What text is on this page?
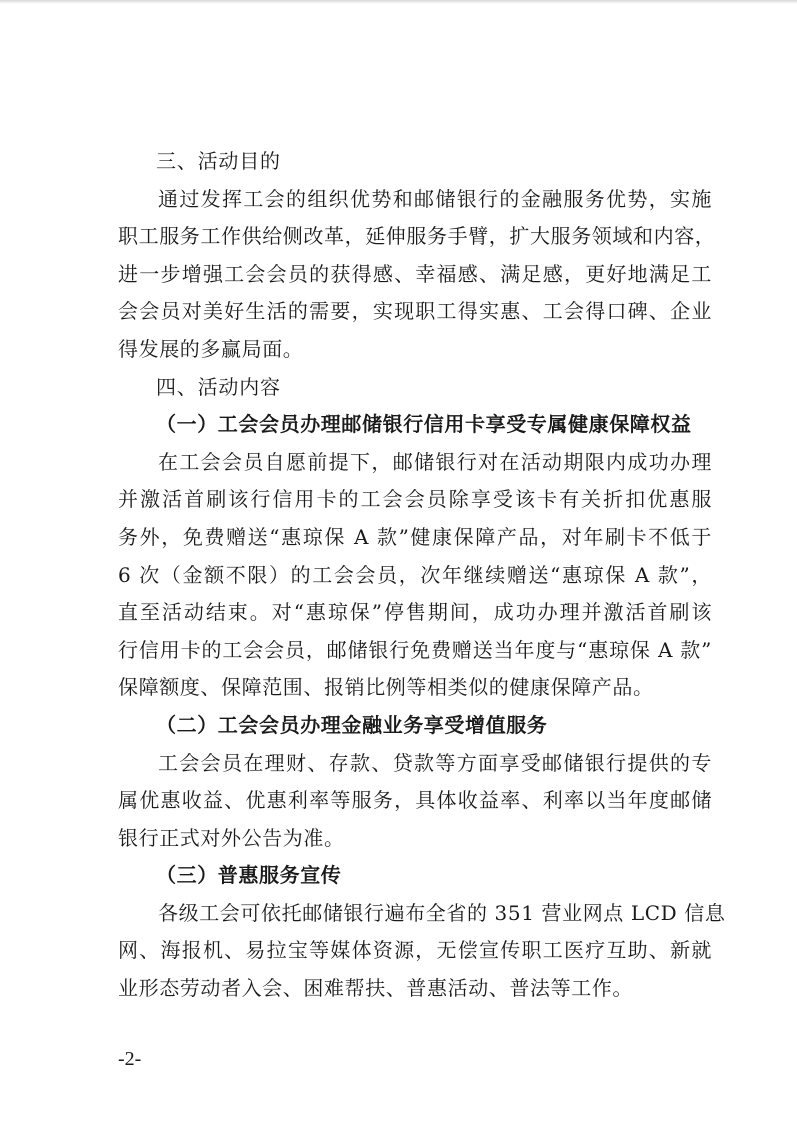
三、活动目的

通过发挥工会的组织优势和邮储银行的金融服务优势，实施

职工服务工作供给侧改革，延伸服务手臂，扩大服务领域和内容，

进一步增强工会会员的获得感、幸福感、满足感，更好地满足工

会会员对美好生活的需要，实现职工得实惠、工会得口碑、企业

得发展的多赢局面。

四、活动内容

（一）工会会员办理邮储银行信用卡享受专属健康保障权益

在工会会员自愿前提下，邮储银行对在活动期限内成功办理

并激活首刷该行信用卡的工会会员除享受该卡有关折扣优惠服

务外，免费赠送“惠琼保 A 款”健康保障产品，对年刷卡不低于

6 次（金额不限）的工会会员，次年继续赠送“惠琼保 A 款”，

直至活动结束。对“惠琼保”停售期间，成功办理并激活首刷该

行信用卡的工会会员，邮储银行免费赠送当年度与“惠琼保 A 款”

保障额度、保障范围、报销比例等相类似的健康保障产品。

（二）工会会员办理金融业务享受增值服务

工会会员在理财、存款、贷款等方面享受邮储银行提供的专

属优惠收益、优惠利率等服务，具体收益率、利率以当年度邮储

银行正式对外公告为准。

（三）普惠服务宣传

各级工会可依托邮储银行遍布全省的 351 营业网点 LCD 信息

网、海报机、易拉宝等媒体资源，无偿宣传职工医疗互助、新就

业形态劳动者入会、困难帮扶、普惠活动、普法等工作。

-2-
